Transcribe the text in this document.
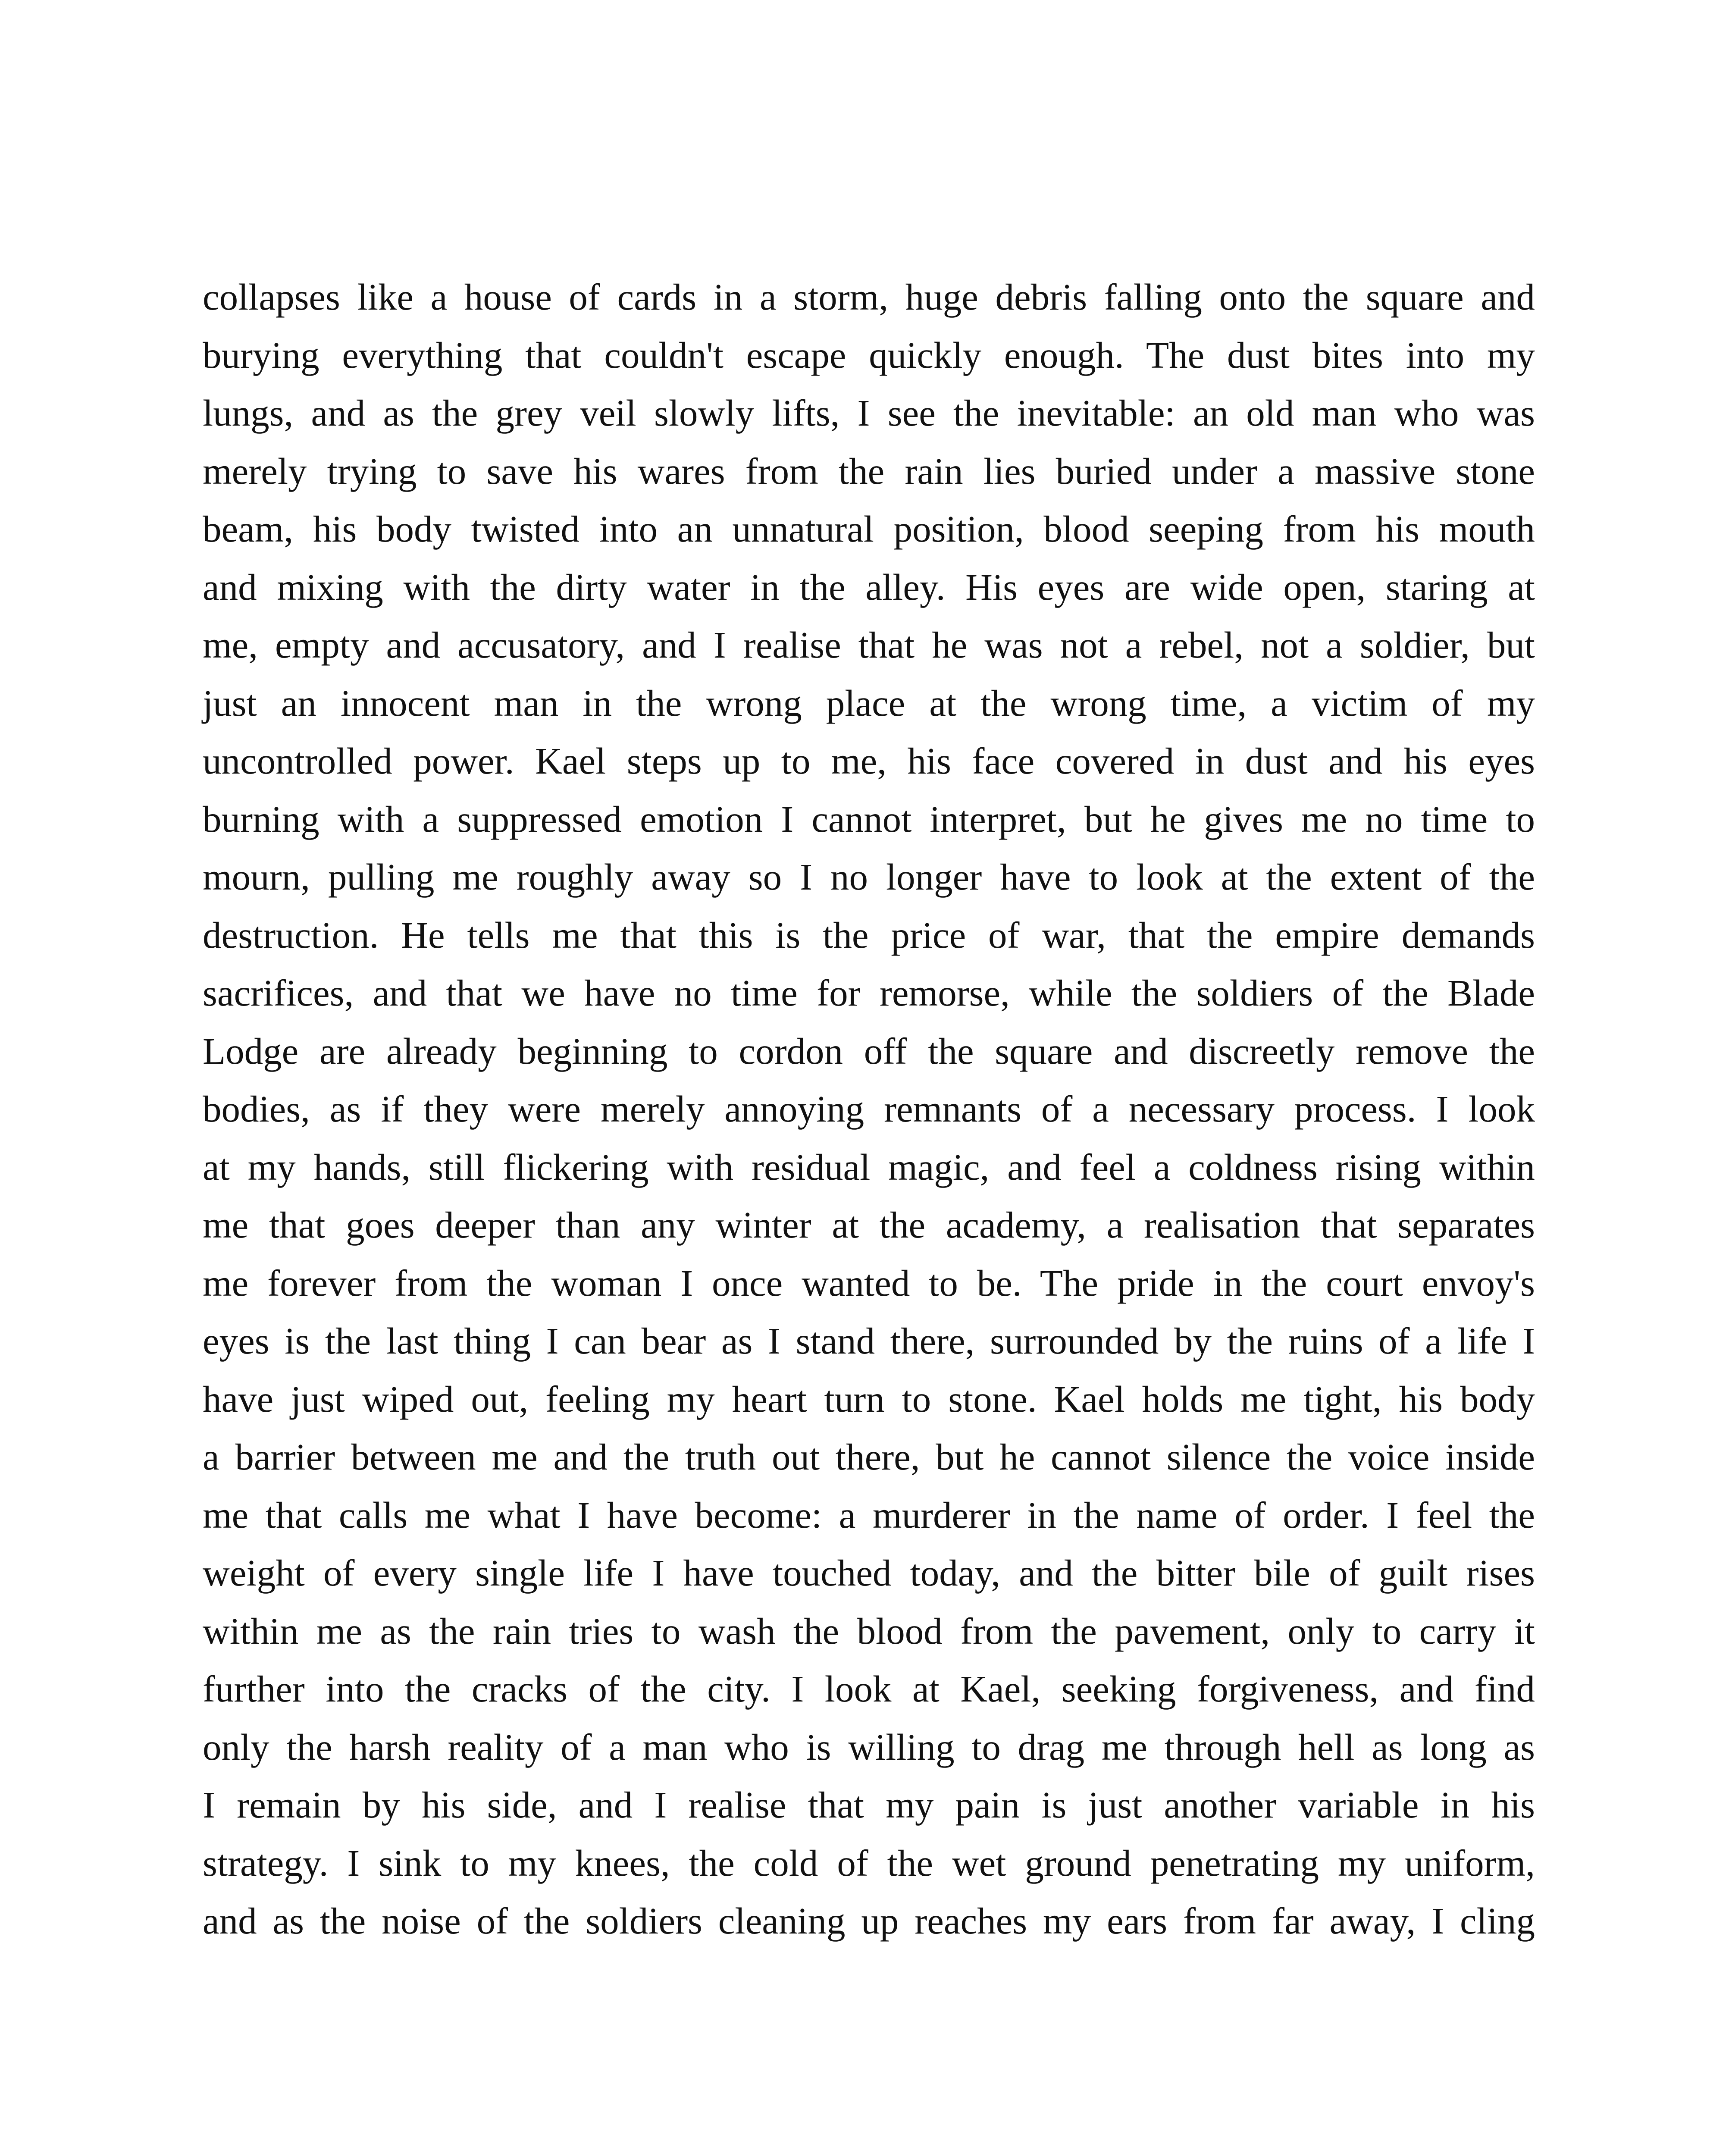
collapses like a house of cards in a storm, huge debris falling onto the square and
burying everything that couldn't escape quickly enough. The dust bites into my
lungs, and as the grey veil slowly lifts, I see the inevitable: an old man who was
merely trying to save his wares from the rain lies buried under a massive stone
beam, his body twisted into an unnatural position, blood seeping from his mouth
and mixing with the dirty water in the alley. His eyes are wide open, staring at
me, empty and accusatory, and I realise that he was not a rebel, not a soldier, but
just an innocent man in the wrong place at the wrong time, a victim of my
uncontrolled power. Kael steps up to me, his face covered in dust and his eyes
burning with a suppressed emotion I cannot interpret, but he gives me no time to
mourn, pulling me roughly away so I no longer have to look at the extent of the
destruction. He tells me that this is the price of war, that the empire demands
sacrifices, and that we have no time for remorse, while the soldiers of the Blade
Lodge are already beginning to cordon off the square and discreetly remove the
bodies, as if they were merely annoying remnants of a necessary process. I look
at my hands, still flickering with residual magic, and feel a coldness rising within
me that goes deeper than any winter at the academy, a realisation that separates
me forever from the woman I once wanted to be. The pride in the court envoy's
eyes is the last thing I can bear as I stand there, surrounded by the ruins of a life I
have just wiped out, feeling my heart turn to stone. Kael holds me tight, his body
a barrier between me and the truth out there, but he cannot silence the voice inside
me that calls me what I have become: a murderer in the name of order. I feel the
weight of every single life I have touched today, and the bitter bile of guilt rises
within me as the rain tries to wash the blood from the pavement, only to carry it
further into the cracks of the city. I look at Kael, seeking forgiveness, and find
only the harsh reality of a man who is willing to drag me through hell as long as
I remain by his side, and I realise that my pain is just another variable in his
strategy. I sink to my knees, the cold of the wet ground penetrating my uniform,
and as the noise of the soldiers cleaning up reaches my ears from far away, I cling
